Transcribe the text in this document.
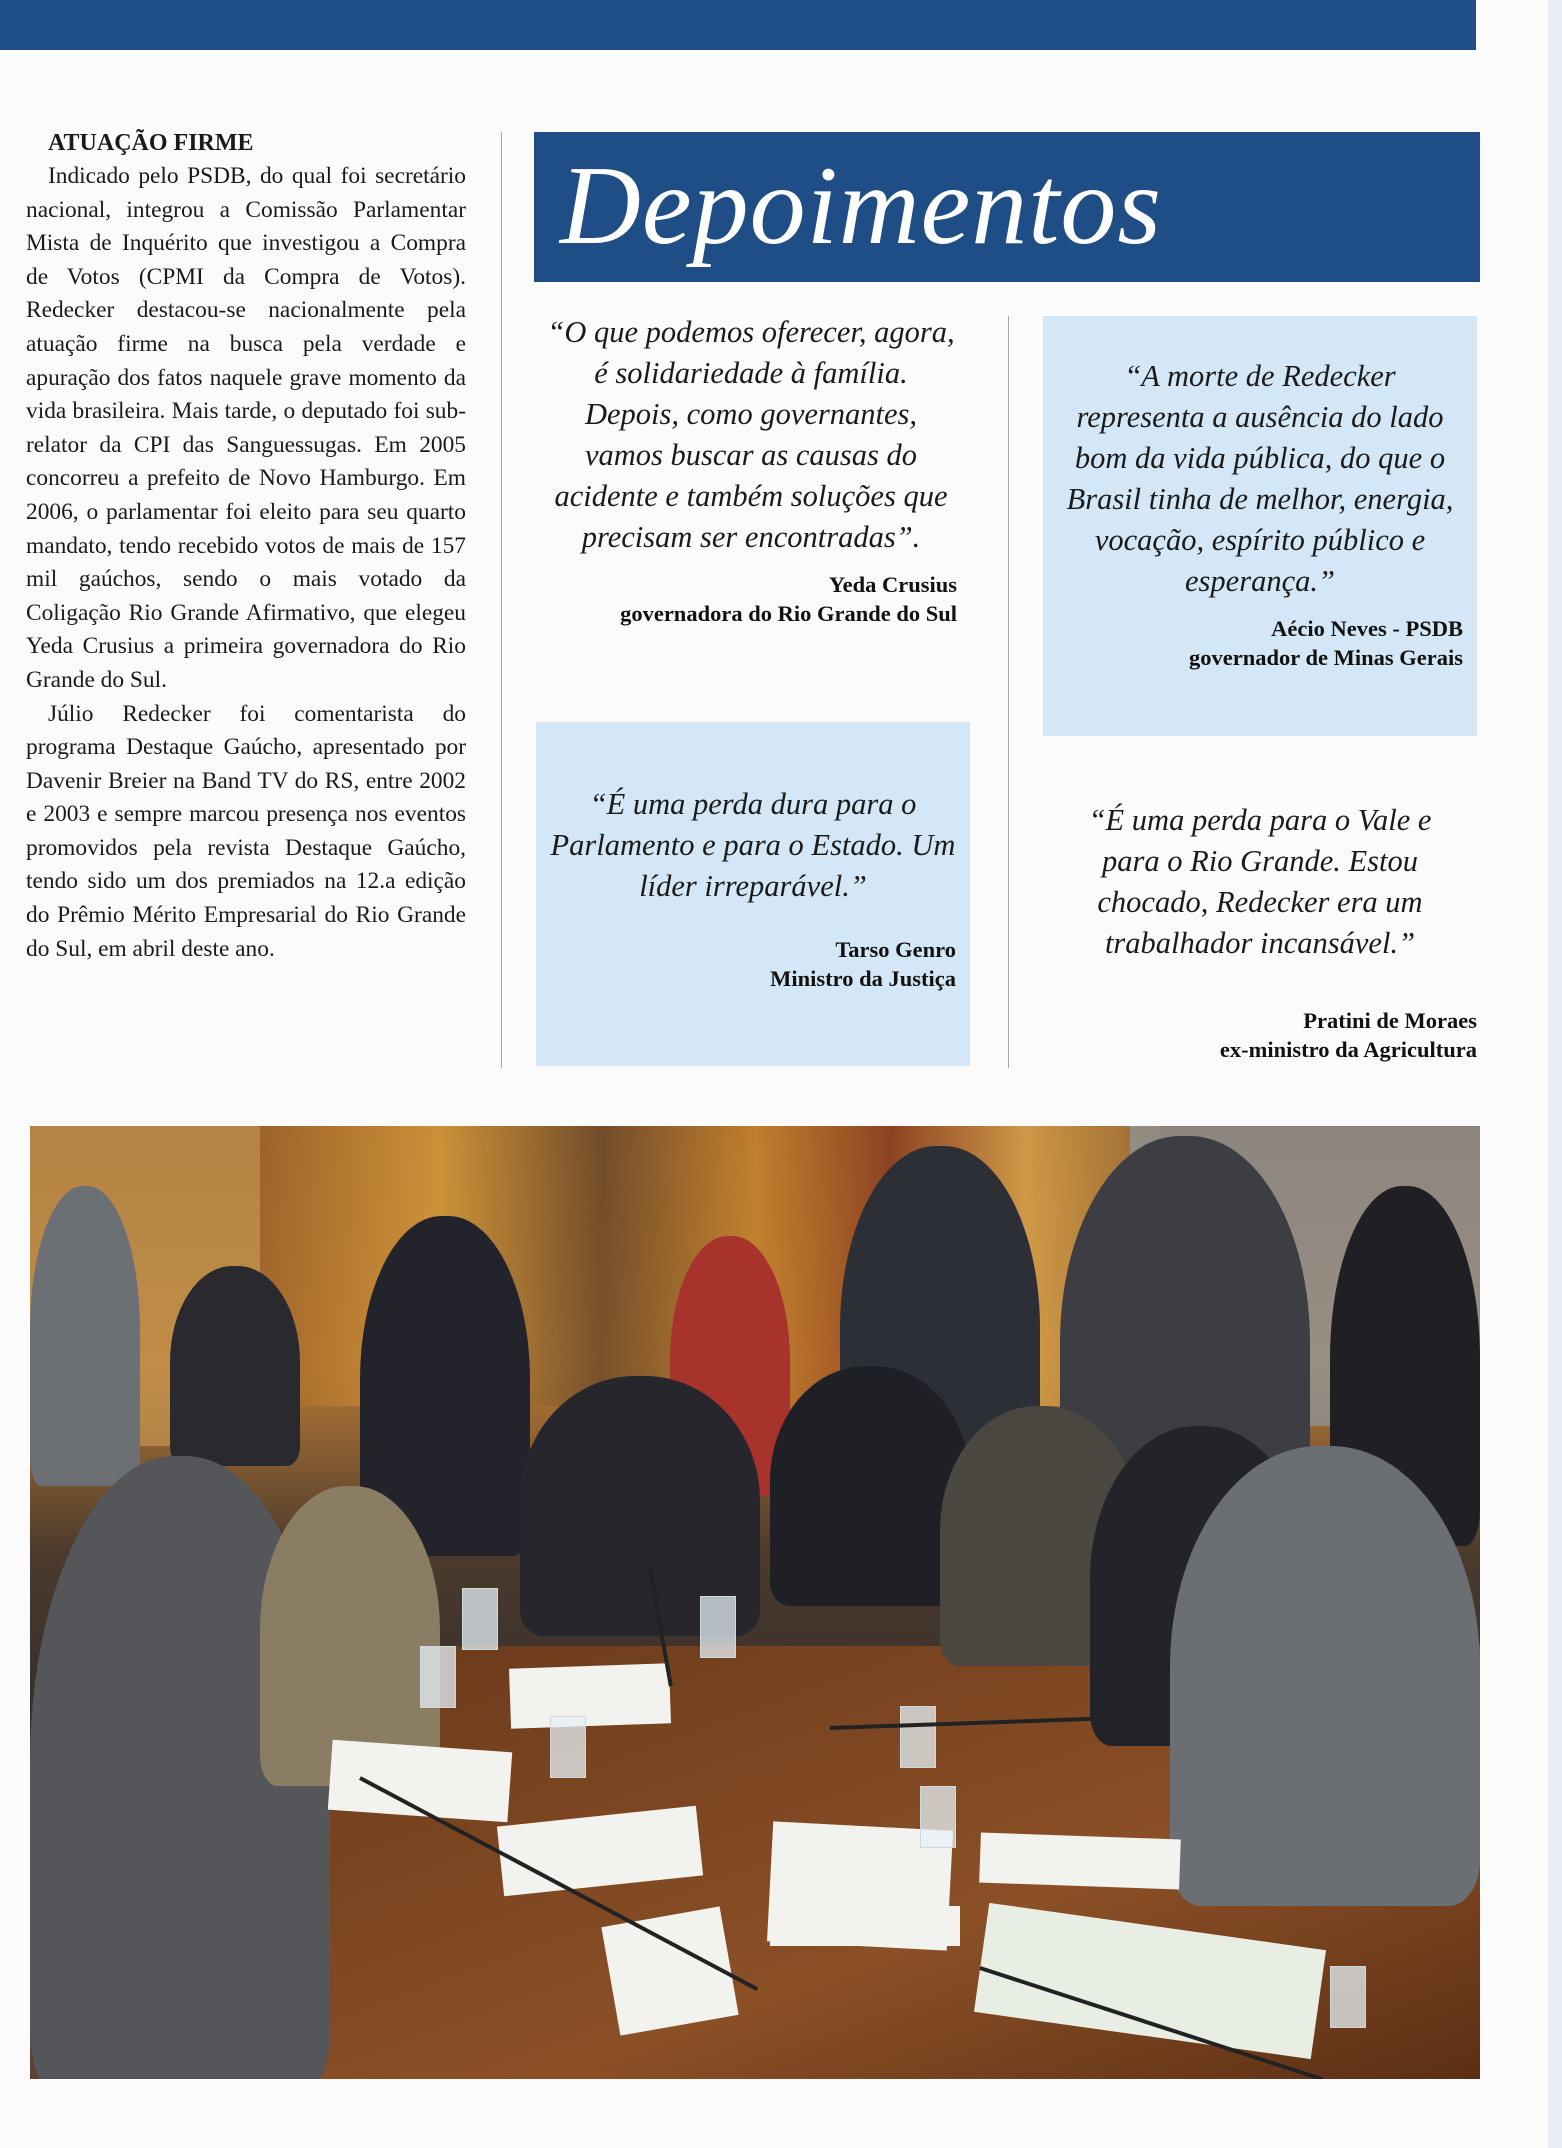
ATUAÇÃO FIRME

Indicado pelo PSDB, do qual foi secretário nacional, integrou a Comissão Parlamentar Mista de Inquérito que investigou a Compra de Votos (CPMI da Compra de Votos). Redecker destacou-se nacionalmente pela atuação firme na busca pela verdade e apuração dos fatos naquele grave momento da vida brasileira. Mais tarde, o deputado foi sub-relator da CPI das Sanguessugas. Em 2005 concorreu a prefeito de Novo Hamburgo. Em 2006, o parlamentar foi eleito para seu quarto mandato, tendo recebido votos de mais de 157 mil gaúchos, sendo o mais votado da Coligação Rio Grande Afirmativo, que elegeu Yeda Crusius a primeira governadora do Rio Grande do Sul.

Júlio Redecker foi comentarista do programa Destaque Gaúcho, apresentado por Davenir Breier na Band TV do RS, entre 2002 e 2003 e sempre marcou presença nos eventos promovidos pela revista Destaque Gaúcho, tendo sido um dos premiados na 12.a edição do Prêmio Mérito Empresarial do Rio Grande do Sul, em abril deste ano.

Depoimentos
“O que podemos oferecer, agora, é solidariedade à família. Depois, como governantes, vamos buscar as causas do acidente e também soluções que precisam ser encontradas”.
Yeda Crusius
governadora do Rio Grande do Sul
“A morte de Redecker representa a ausência do lado bom da vida pública, do que o Brasil tinha de melhor, energia, vocação, espírito público e esperança.”
Aécio Neves - PSDB
governador de Minas Gerais
“É uma perda dura para o Parlamento e para o Estado. Um líder irreparável.”
Tarso Genro
Ministro da Justiça
“É uma perda para o Vale e para o Rio Grande. Estou chocado, Redecker era um trabalhador incansável.”
Pratini de Moraes
ex-ministro da Agricultura
